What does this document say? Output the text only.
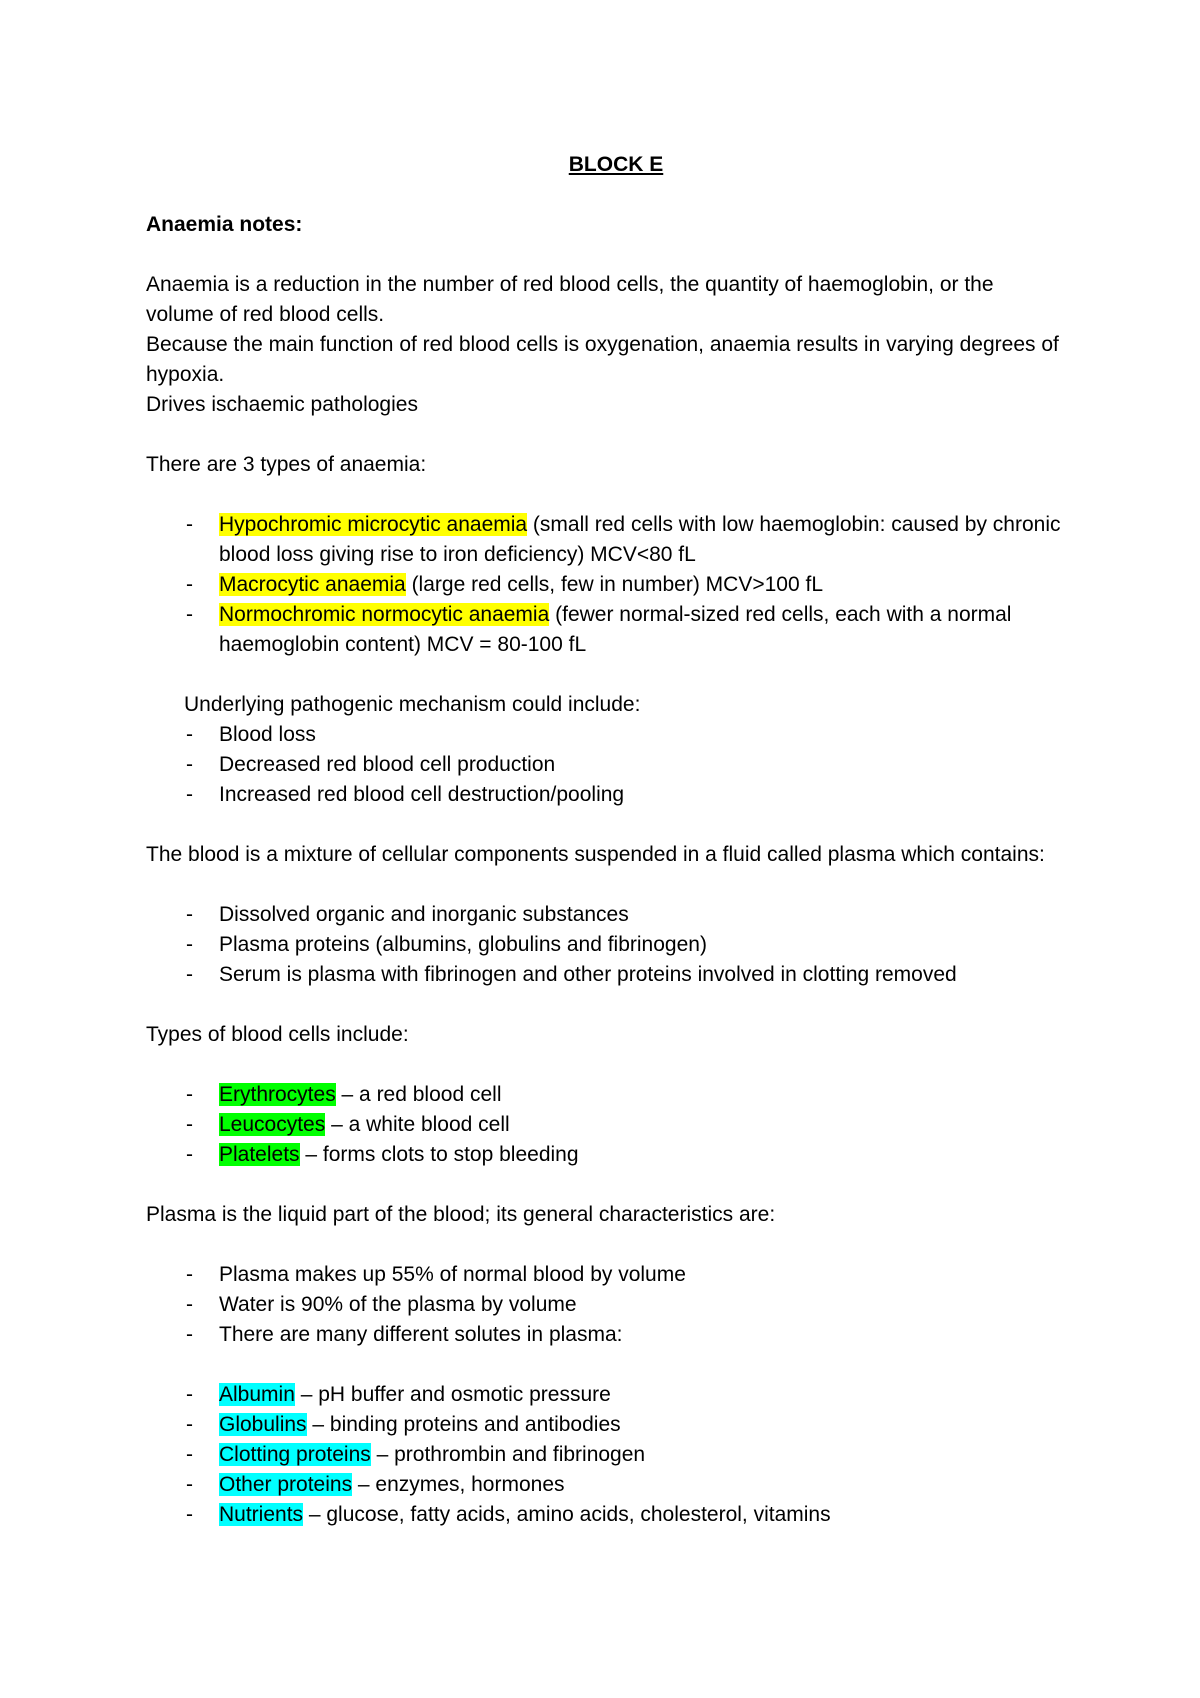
BLOCK E

Anaemia notes:

Anaemia is a reduction in the number of red blood cells, the quantity of haemoglobin, or the volume of red blood cells.

Because the main function of red blood cells is oxygenation, anaemia results in varying degrees of hypoxia.

Drives ischaemic pathologies

There are 3 types of anaemia:

- Hypochromic microcytic anaemia (small red cells with low haemoglobin: caused by chronic blood loss giving rise to iron deficiency) MCV<80 fL
- Macrocytic anaemia (large red cells, few in number) MCV>100 fL
- Normochromic normocytic anaemia (fewer normal-sized red cells, each with a normal haemoglobin content) MCV = 80-100 fL

Underlying pathogenic mechanism could include:

- Blood loss
- Decreased red blood cell production
- Increased red blood cell destruction/pooling

The blood is a mixture of cellular components suspended in a fluid called plasma which contains:

- Dissolved organic and inorganic substances
- Plasma proteins (albumins, globulins and fibrinogen)
- Serum is plasma with fibrinogen and other proteins involved in clotting removed

Types of blood cells include:

- Erythrocytes – a red blood cell
- Leucocytes – a white blood cell
- Platelets – forms clots to stop bleeding

Plasma is the liquid part of the blood; its general characteristics are:

- Plasma makes up 55% of normal blood by volume
- Water is 90% of the plasma by volume
- There are many different solutes in plasma:
- Albumin – pH buffer and osmotic pressure
- Globulins – binding proteins and antibodies
- Clotting proteins – prothrombin and fibrinogen
- Other proteins – enzymes, hormones
- Nutrients – glucose, fatty acids, amino acids, cholesterol, vitamins
